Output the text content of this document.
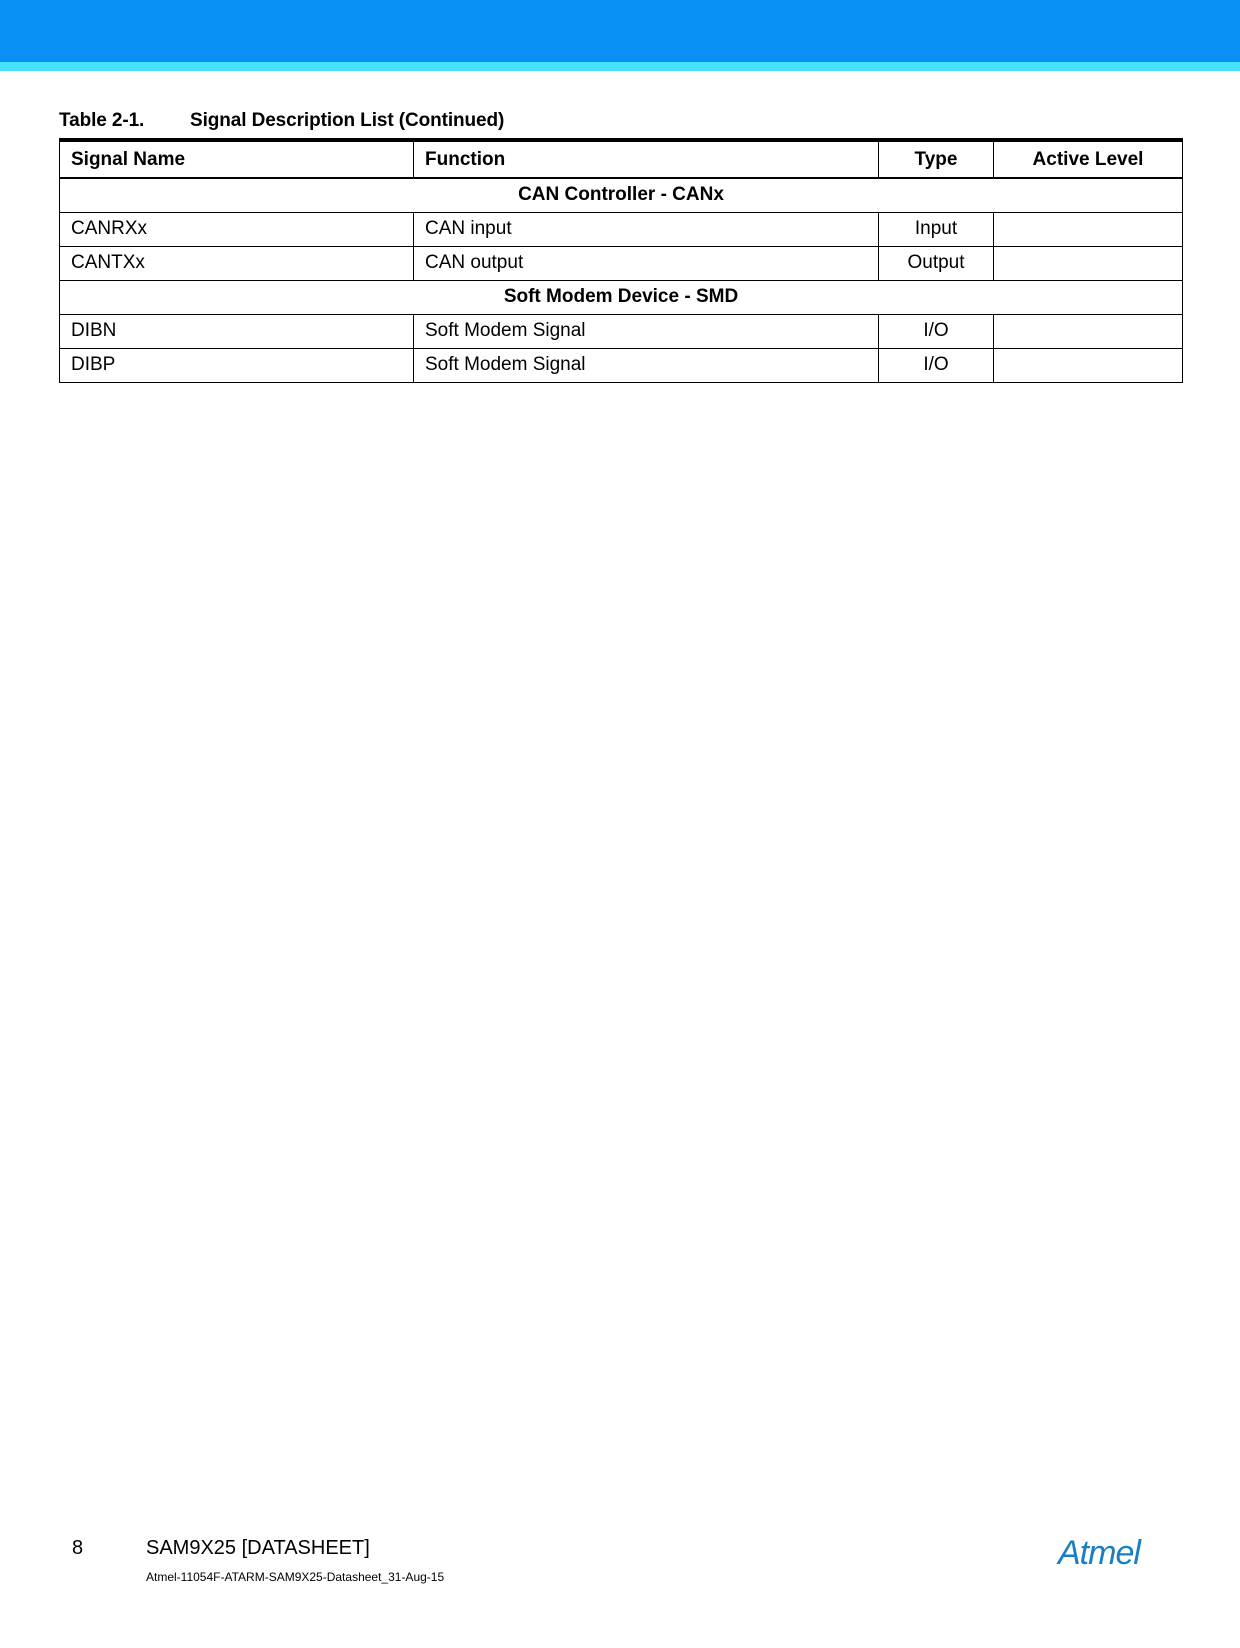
Table 2-1. Signal Description List (Continued)
Signal Name	Function	Type	Active Level
CAN Controller - CANx			
CANRXx	CAN input	Input	
CANTXx	CAN output	Output	
Soft Modem Device - SMD			
DIBN	Soft Modem Signal	I/O	
DIBP	Soft Modem Signal	I/O	
8	SAM9X25 [DATASHEET]
Atmel-11054F-ATARM-SAM9X25-Datasheet_31-Aug-15
Atmel
